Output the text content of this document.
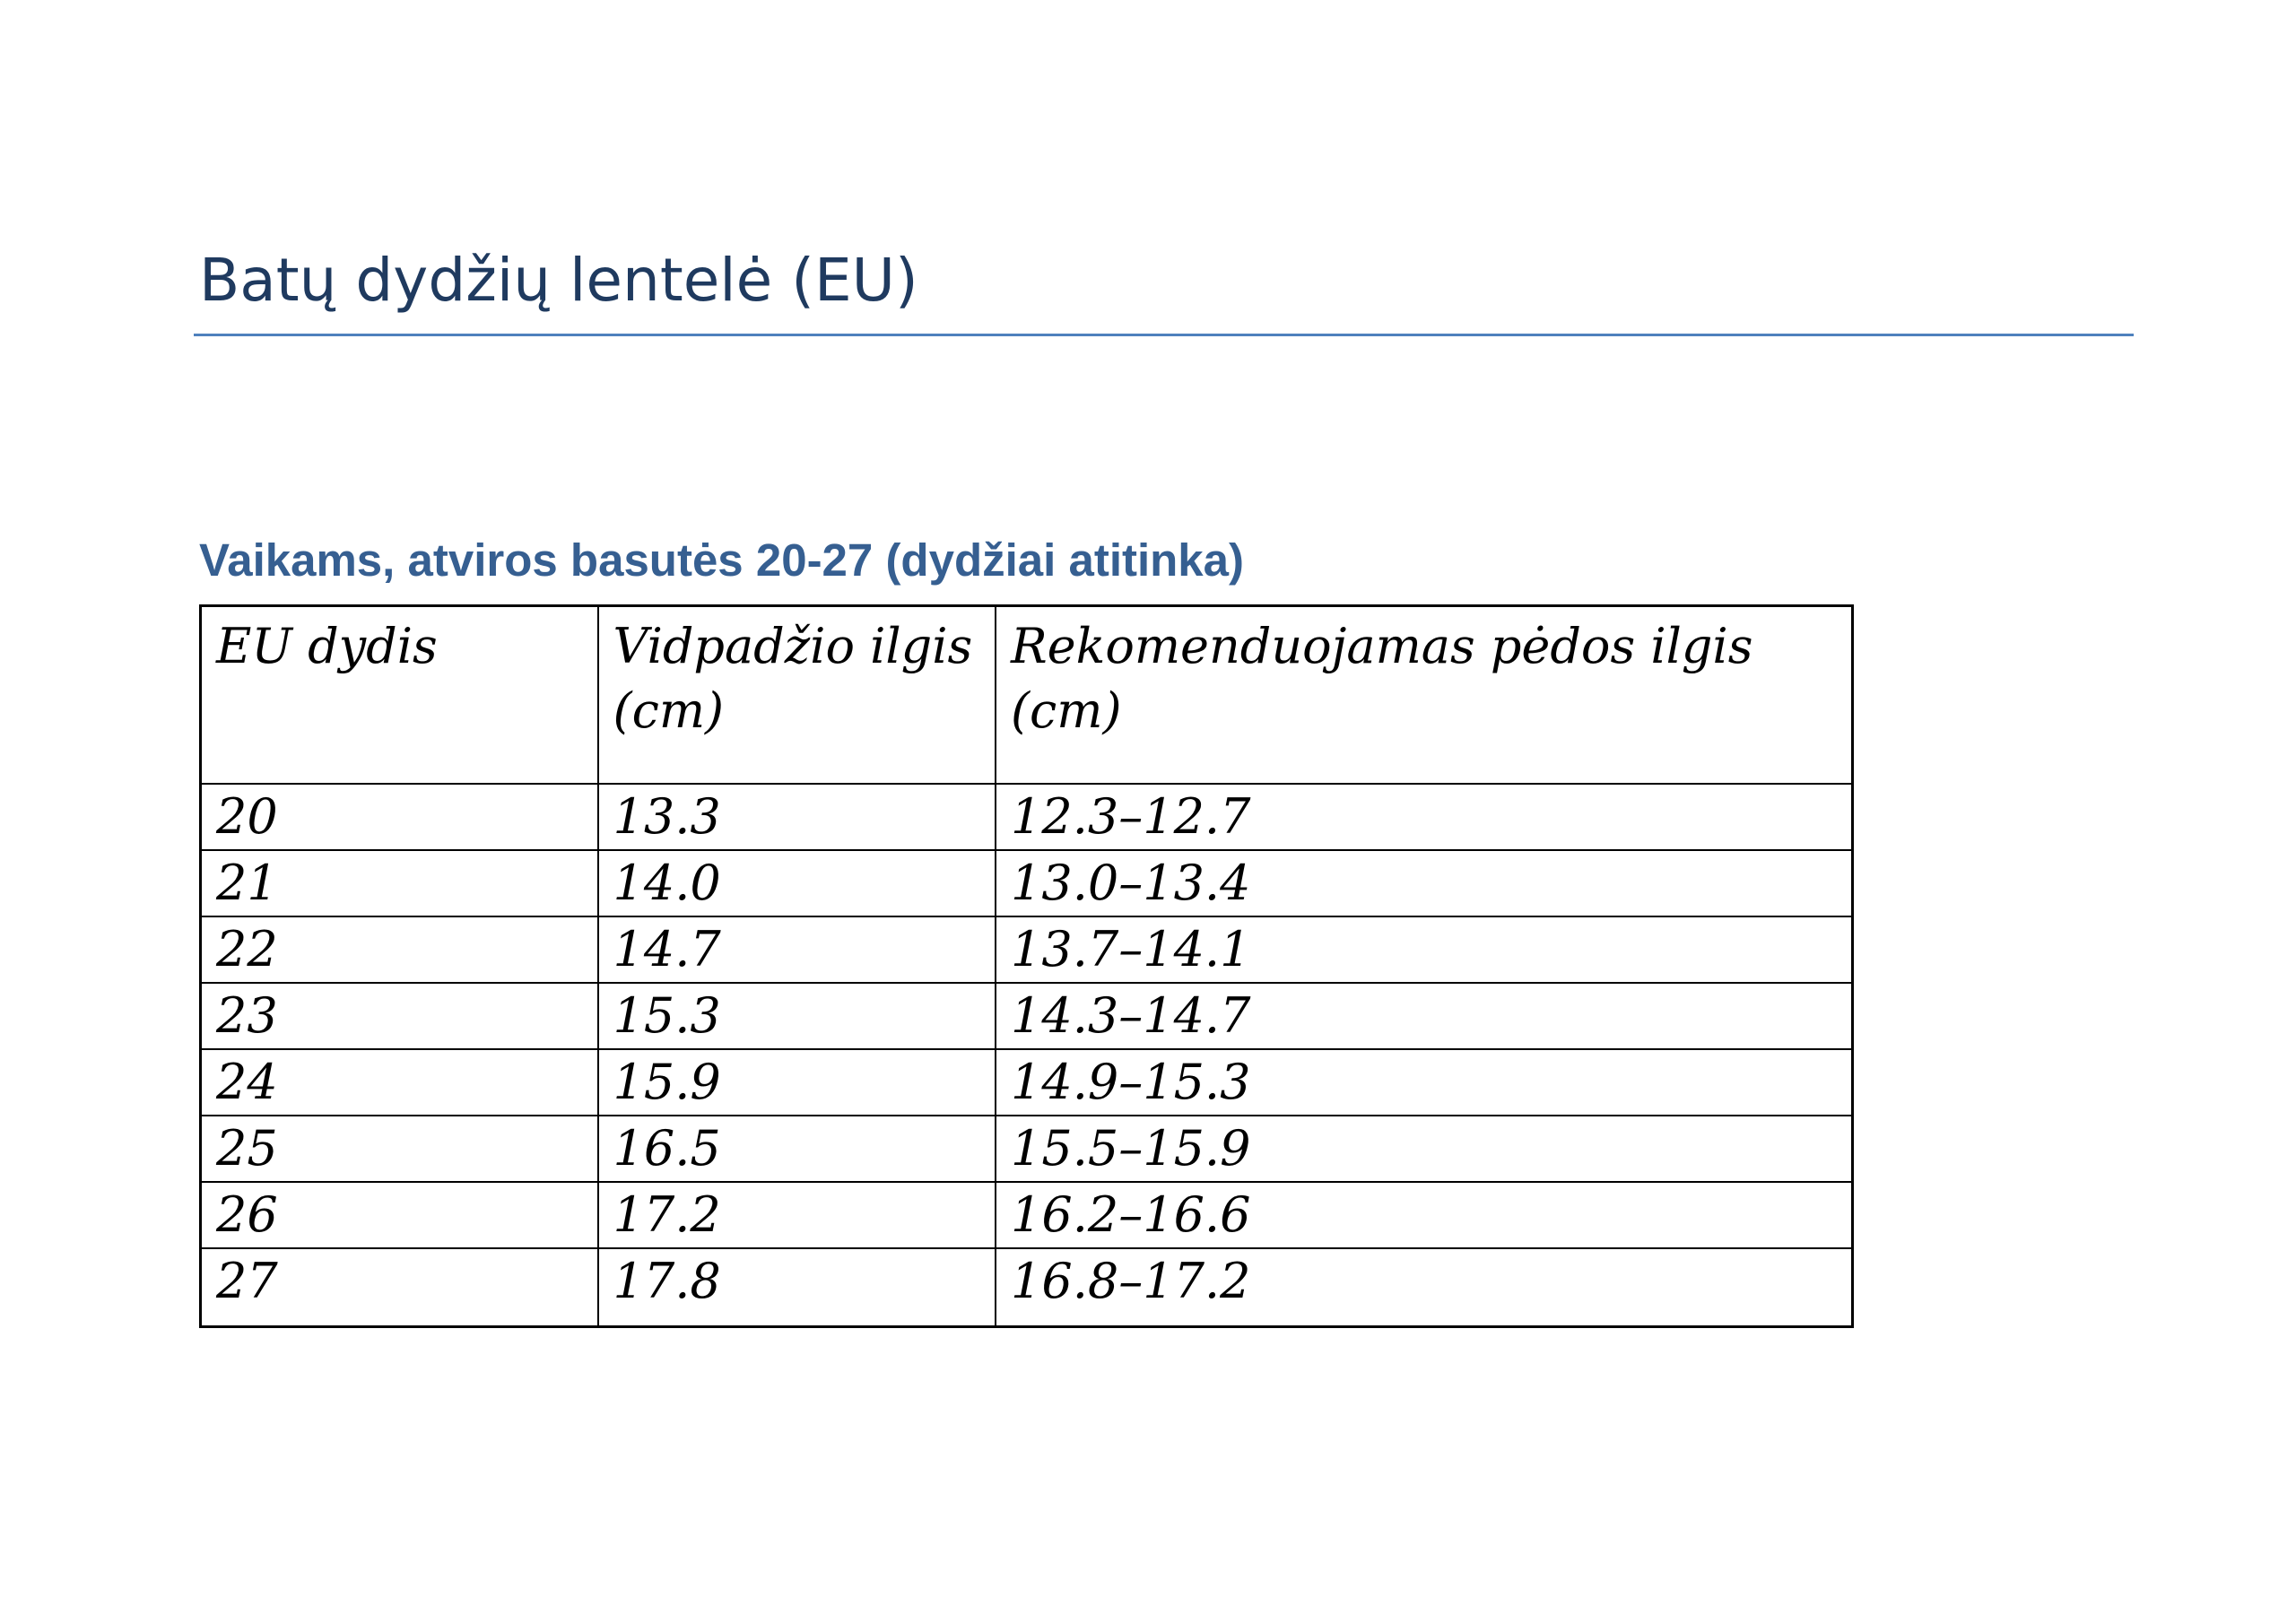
Batų dydžių lentelė (EU)
Vaikams, atviros basutės 20-27 (dydžiai atitinka)
EU dydis	Vidpadžio ilgis (cm)	Rekomenduojamas pėdos ilgis (cm)
20	13.3	12.3–12.7
21	14.0	13.0–13.4
22	14.7	13.7–14.1
23	15.3	14.3–14.7
24	15.9	14.9–15.3
25	16.5	15.5–15.9
26	17.2	16.2–16.6
27	17.8	16.8–17.2
